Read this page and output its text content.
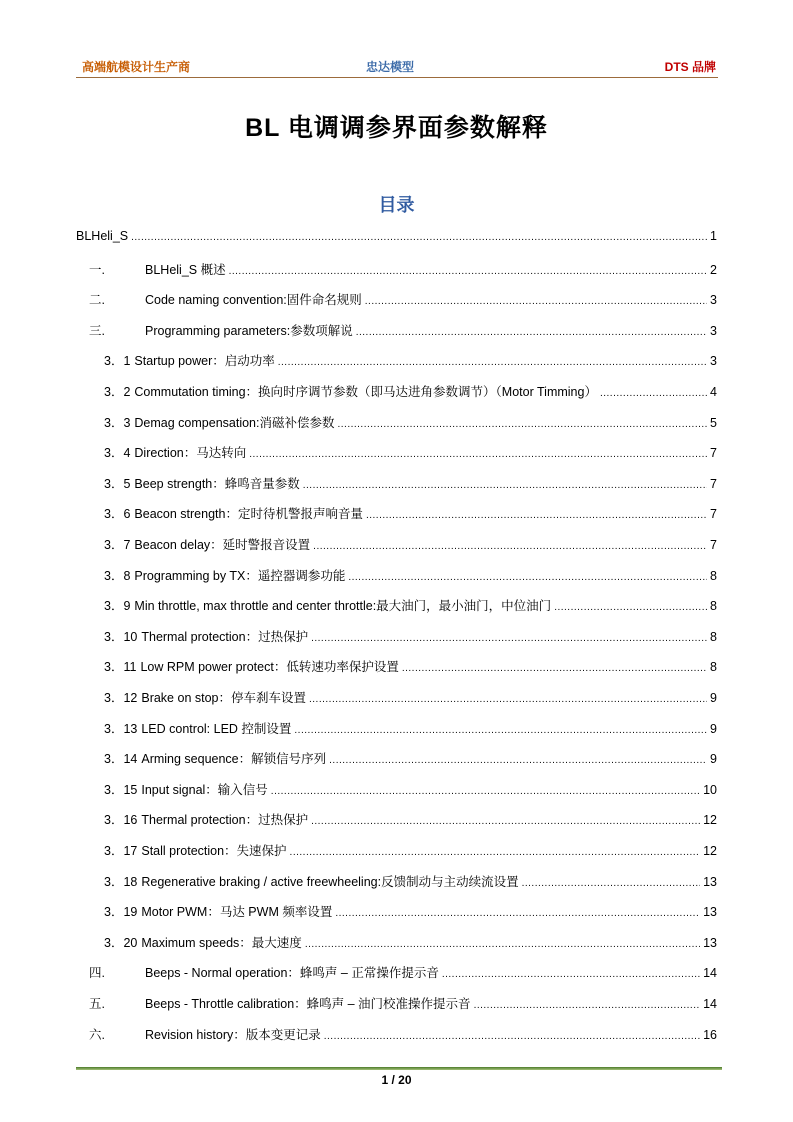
高端航模设计生产商	忠达模型	DTS 品牌
BL 电调调参界面参数解释
目录
BLHeli_S .....	1
一.	BLHeli_S 概述 .....	2
二.	Code naming convention:固件命名规则 .....	3
三.	Programming parameters:参数项解说 .....	3
3．1 Startup power：启动功率 .....	3
3．2 Commutation timing：换向时序调节参数（即马达进角参数调节）（Motor Timming） .....	4
3．3 Demag compensation:消磁补偿参数 .....	5
3．4 Direction：马达转向 .....	7
3．5 Beep strength：蜂鸣音量参数 .....	7
3．6 Beacon strength：定时待机警报声响音量 .....	7
3．7 Beacon delay：延时警报音设置 .....	7
3．8 Programming by TX：遥控器调参功能 .....	8
3．9 Min throttle, max throttle and center throttle:最大油门，最小油门，中位油门 .....	8
3．10 Thermal protection：过热保护 .....	8
3．11 Low RPM power protect：低转速功率保护设置 .....	8
3．12 Brake on stop：停车刹车设置 .....	9
3．13 LED control: LED 控制设置 .....	9
3．14 Arming sequence：解锁信号序列 .....	9
3．15 Input signal：输入信号 .....	10
3．16 Thermal protection：过热保护 .....	12
3．17 Stall protection：失速保护 .....	12
3．18 Regenerative braking / active freewheeling:反馈制动与主动续流设置 .....	13
3．19 Motor PWM：马达 PWM 频率设置 .....	13
3．20 Maximum speeds：最大速度 .....	13
四.	Beeps - Normal operation：蜂鸣声 – 正常操作提示音 .....	14
五.	Beeps - Throttle calibration：蜂鸣声 – 油门校准操作提示音 .....	14
六.	Revision history：版本变更记录 .....	16
1 / 20
